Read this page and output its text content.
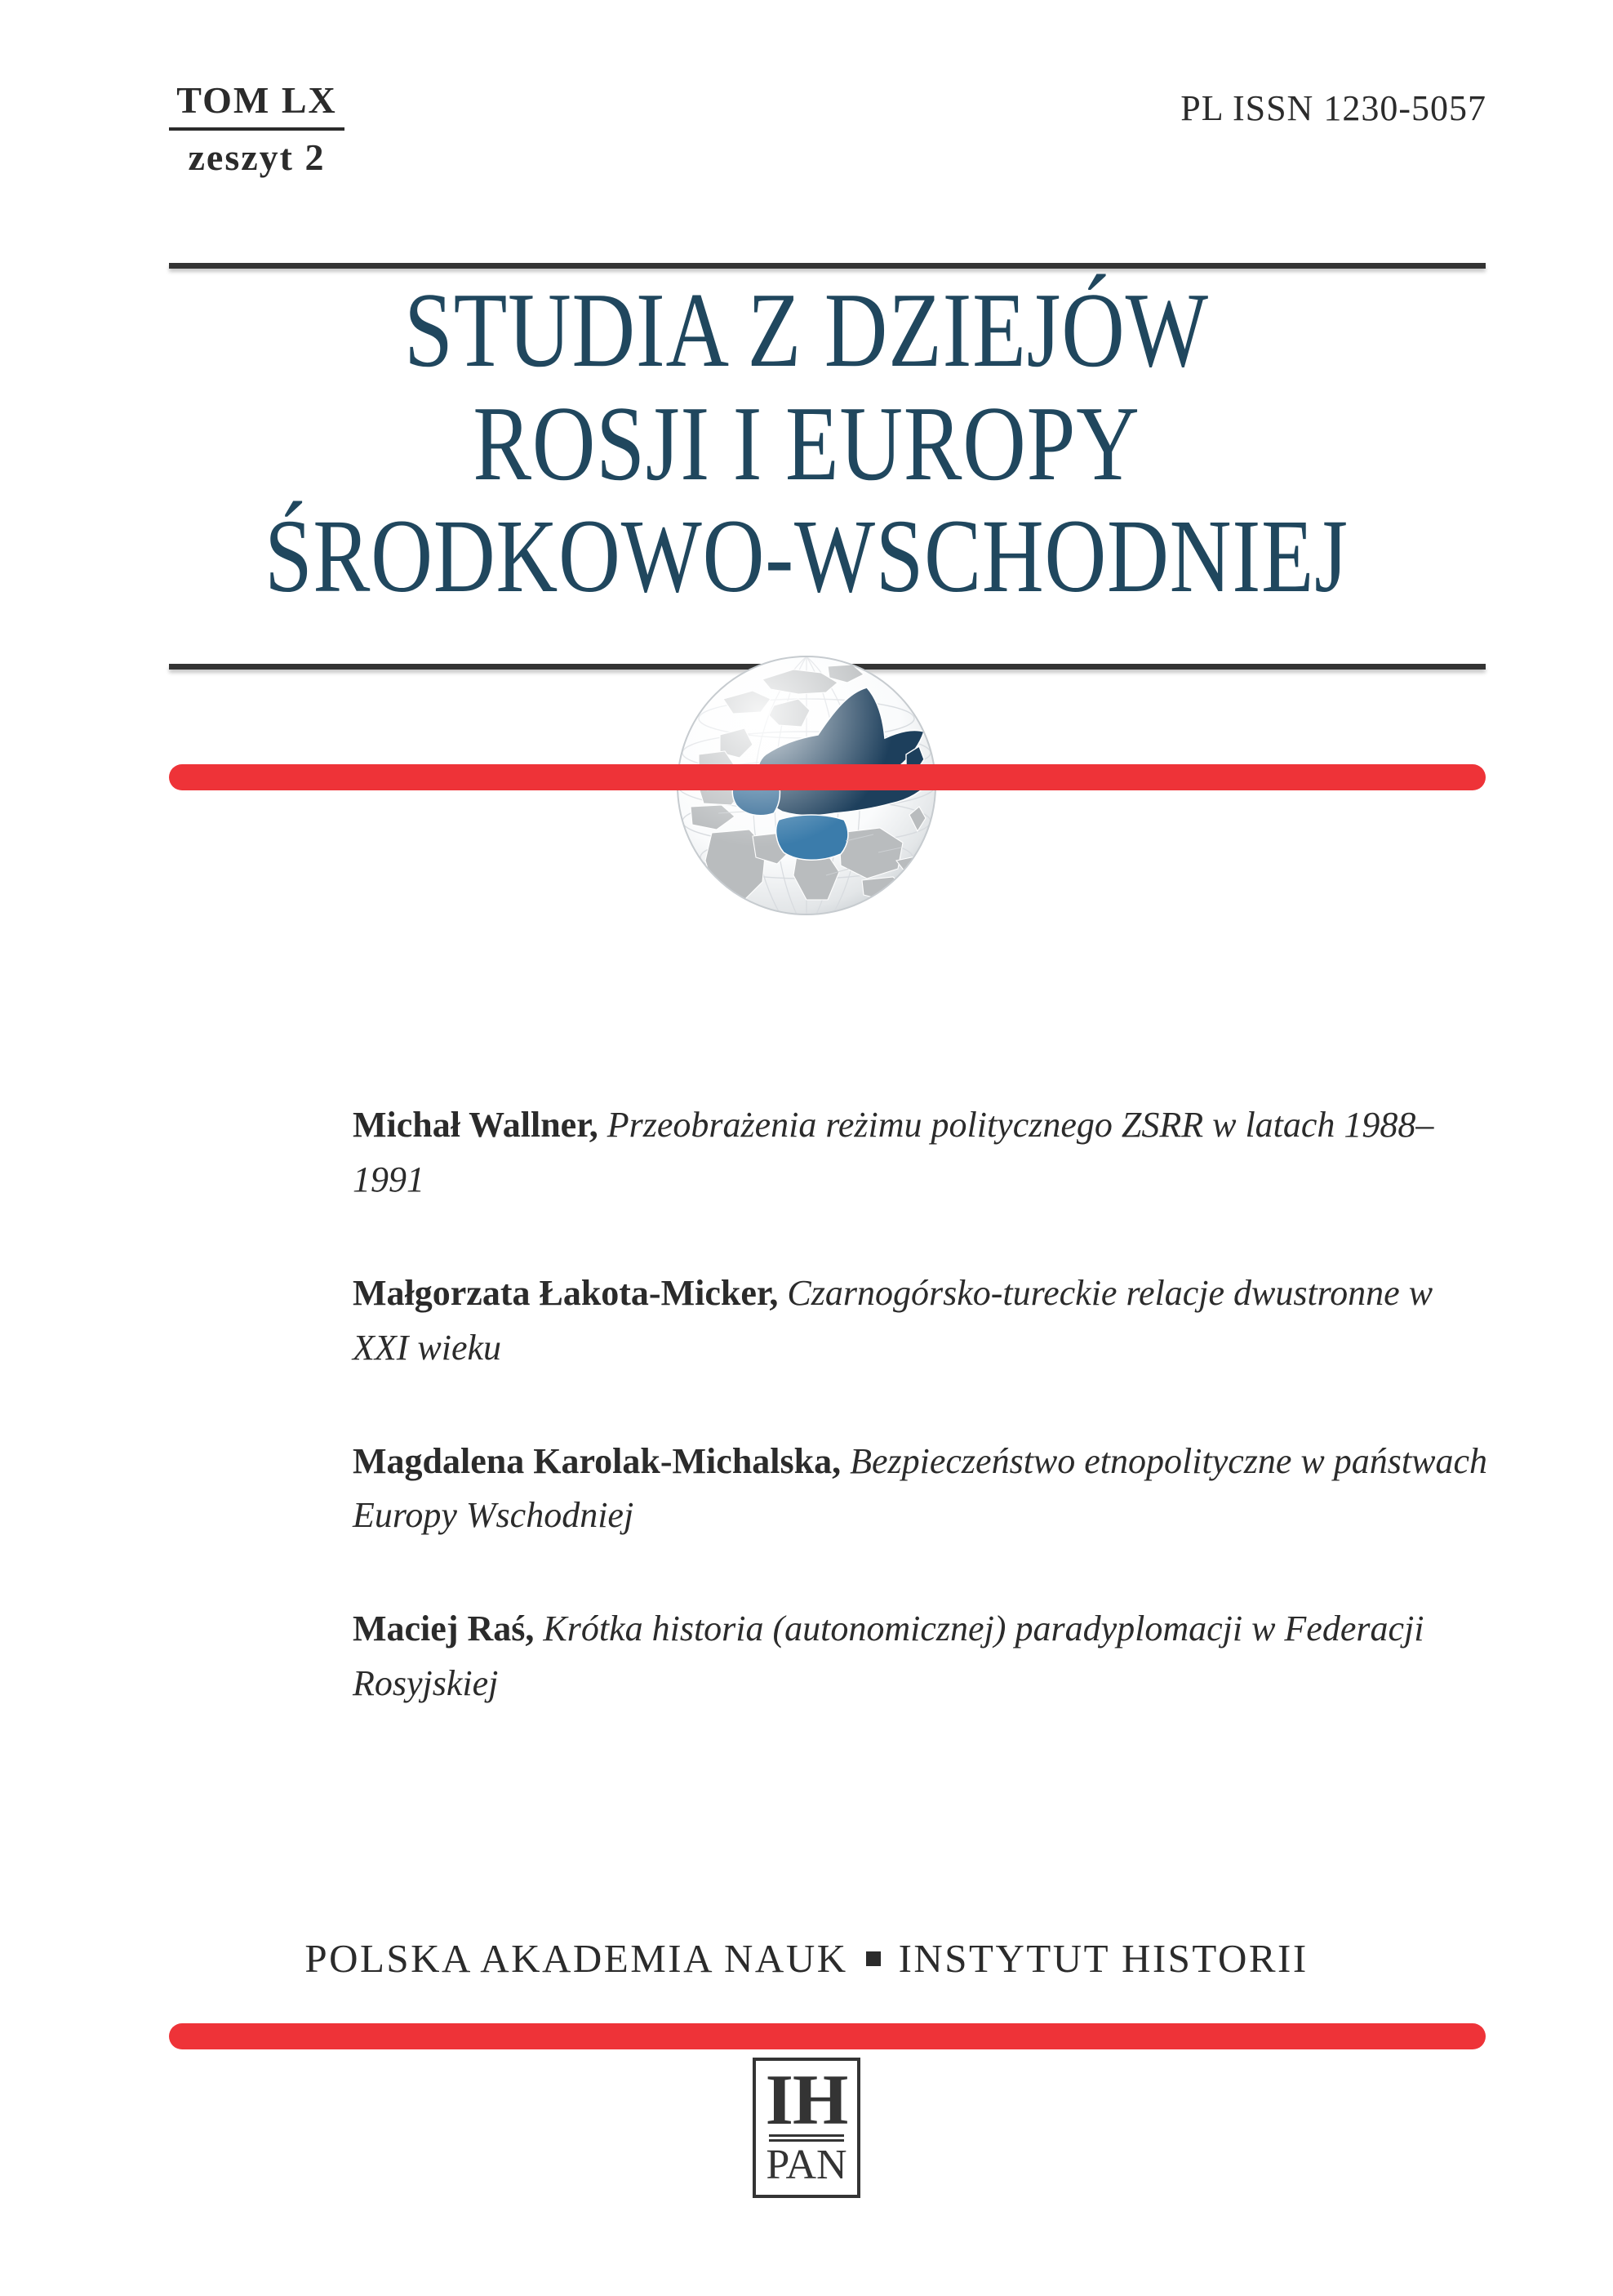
TOM LX
zeszyt 2
PL ISSN 1230-5057
STUDIA Z DZIEJÓW
ROSJI I EUROPY
ŚRODKOWO-WSCHODNIEJ
Michał Wallner, Przeobrażenia reżimu politycznego ZSRR w latach 1988–1991
Małgorzata Łakota-Micker, Czarnogórsko-tureckie relacje dwustronne w XXI wieku
Magdalena Karolak-Michalska, Bezpieczeństwo etnopolityczne w państwach Europy Wschodniej
Maciej Raś, Krótka historia (autonomicznej) paradyplomacji w Federacji Rosyjskiej
POLSKA AKADEMIA NAUK INSTYTUT HISTORII
IH
PAN
